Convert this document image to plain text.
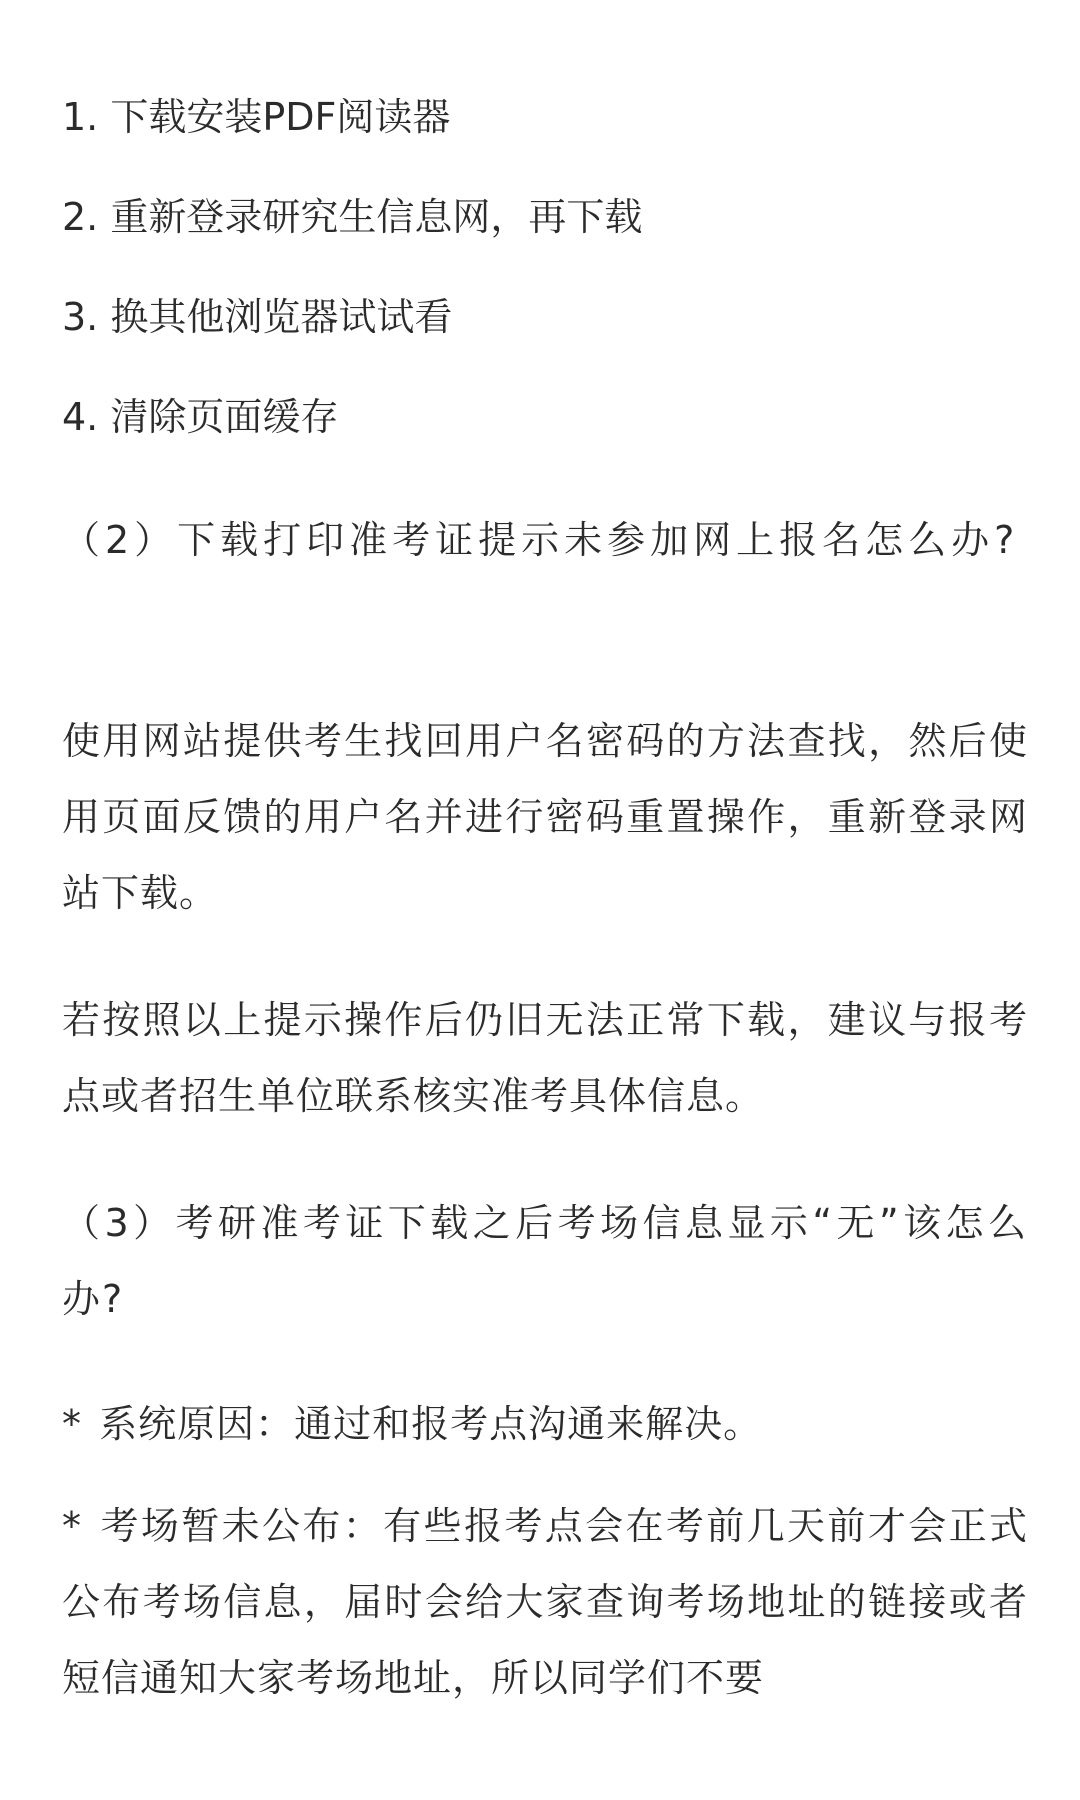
1. 下载安装PDF阅读器
2. 重新登录研究生信息网，再下载
3. 换其他浏览器试试看
4. 清除页面缓存
（2）下载打印准考证提示未参加网上报名怎么办?
使用网站提供考生找回用户名密码的方法查找，然后使用页面反馈的用户名并进行密码重置操作，重新登录网站下载。
若按照以上提示操作后仍旧无法正常下载，建议与报考点或者招生单位联系核实准考具体信息。
（3）考研准考证下载之后考场信息显示“无”该怎么办?
* 系统原因：通过和报考点沟通来解决。
* 考场暂未公布：有些报考点会在考前几天前才会正式公布考场信息，届时会给大家查询考场地址的链接或者短信通知大家考场地址，所以同学们不要
